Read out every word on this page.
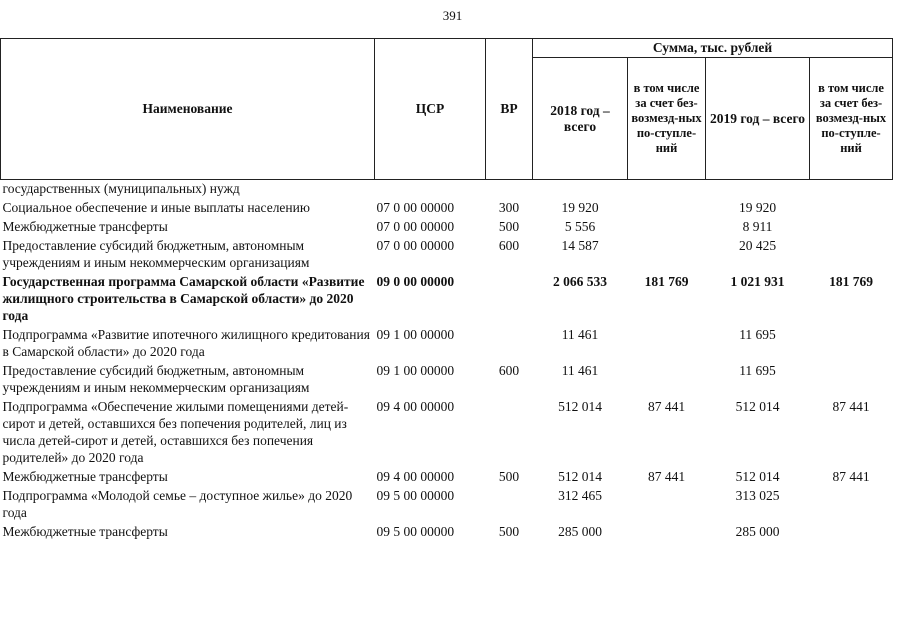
391
Наименование	ЦСР	ВР	Сумма, тыс. рублей			
			2018 год – всего	в том числе за счет без-возмезд-ных по-ступле-ний	2019 год – всего	в том числе за счет без-возмезд-ных по-ступле-ний
государственных (муниципальных) нужд						
Социальное обеспечение и иные выплаты населению	07 0 00 00000	300	19 920		19 920	
Межбюджетные трансферты	07 0 00 00000	500	5 556		8 911	
Предоставление субсидий бюджетным, автономным учреждениям и иным некоммерческим организациям	07 0 00 00000	600	14 587		20 425	
Государственная программа Самарской области «Развитие жилищного строительства в Самарской области» до 2020 года	09 0 00 00000		2 066 533	181 769	1 021 931	181 769
Подпрограмма «Развитие ипотечного жилищного кредитования в Самарской области» до 2020 года	09 1 00 00000		11 461		11 695	
Предоставление субсидий бюджетным, автономным учреждениям и иным некоммерческим организациям	09 1 00 00000	600	11 461		11 695	
Подпрограмма «Обеспечение жилыми помещениями детей-сирот и детей, оставшихся без попечения родителей, лиц из числа детей-сирот и детей, оставшихся без попечения родителей» до 2020 года	09 4 00 00000		512 014	87 441	512 014	87 441
Межбюджетные трансферты	09 4 00 00000	500	512 014	87 441	512 014	87 441
Подпрограмма «Молодой семье – доступное жилье» до 2020 года	09 5 00 00000		312 465		313 025	
Межбюджетные трансферты	09 5 00 00000	500	285 000		285 000	
